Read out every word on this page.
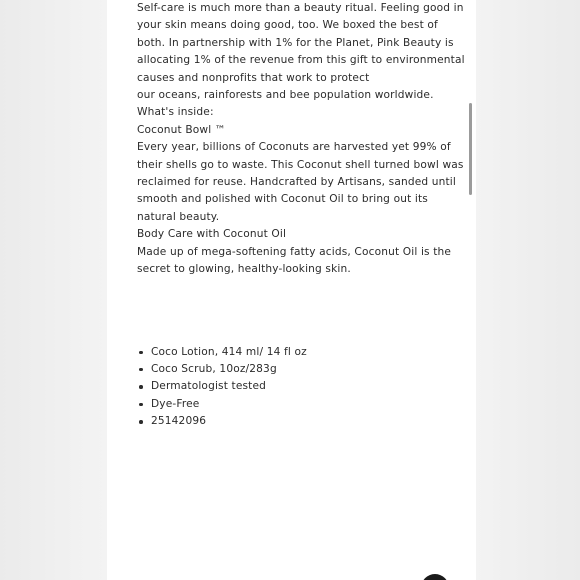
Self-care is much more than a beauty ritual. Feeling good in
your skin means doing good, too. We boxed the best of
both. In partnership with 1% for the Planet, Pink Beauty is
allocating 1% of the revenue from this gift to environmental
causes and nonprofits that work to protect
our oceans, rainforests and bee population worldwide.

What's inside:

Coconut Bowl ™

Every year, billions of Coconuts are harvested yet 99% of
their shells go to waste. This Coconut shell turned bowl was
reclaimed for reuse. Handcrafted by Artisans, sanded until
smooth and polished with Coconut Oil to bring out its
natural beauty.

Body Care with Coconut Oil

Made up of mega-softening fatty acids, Coconut Oil is the
secret to glowing, healthy-looking skin.

Coco Lotion, 414 ml/ 14 fl oz
Coco Scrub, 10oz/283g
Dermatologist tested
Dye-Free
25142096
